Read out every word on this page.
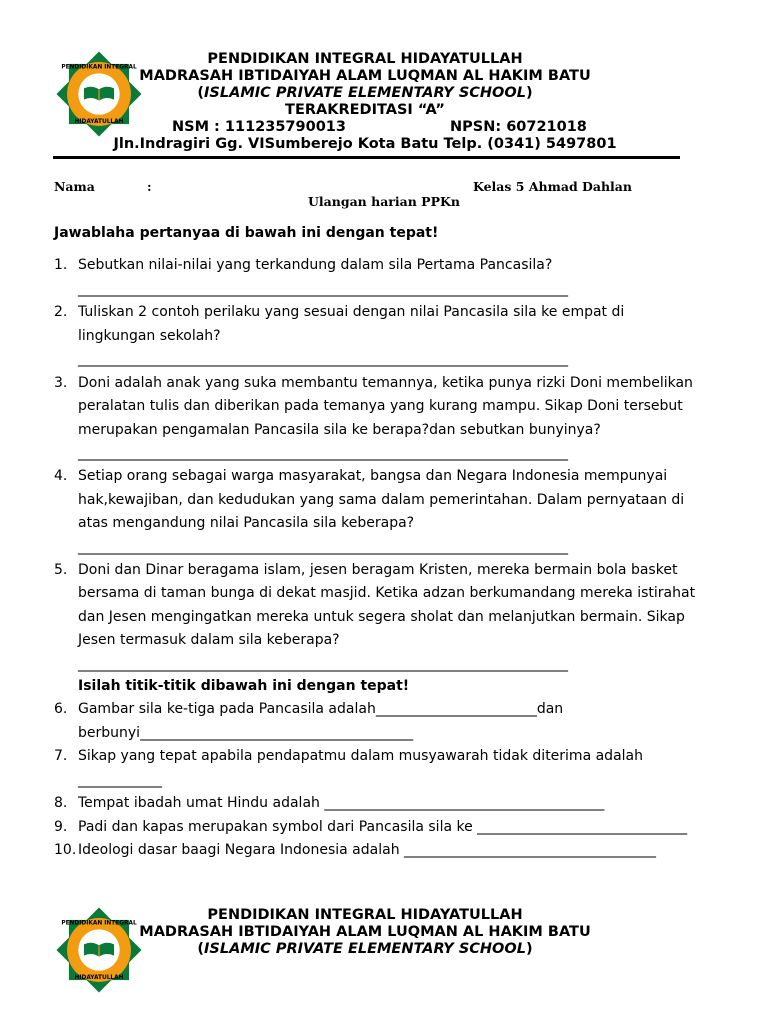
PENDIDIKAN INTEGRAL
HIDAYATULLAH
PENDIDIKAN INTEGRAL HIDAYATULLAH
MADRASAH IBTIDAIYAH ALAM LUQMAN AL HAKIM BATU
(ISLAMIC PRIVATE ELEMENTARY SCHOOL)
TERAKREDITASI “A”
NSM : 111235790013	NPSN: 60721018
Jln.Indragiri Gg. VISumberejo Kota Batu Telp. (0341) 5497801
Nama	:	Kelas 5 Ahmad Dahlan
Ulangan harian PPKn
Jawablaha pertanyaa di bawah ini dengan tepat!
1. Sebutkan nilai-nilai yang terkandung dalam sila Pertama Pancasila?
______________________________________________________________________
2. Tuliskan 2 contoh perilaku yang sesuai dengan nilai Pancasila sila ke empat di
lingkungan sekolah?
______________________________________________________________________
3. Doni adalah anak yang suka membantu temannya, ketika punya rizki Doni membelikan
peralatan tulis dan diberikan pada temanya yang kurang mampu. Sikap Doni tersebut
merupakan pengamalan Pancasila sila ke berapa?dan sebutkan bunyinya?
______________________________________________________________________
4. Setiap orang sebagai warga masyarakat, bangsa dan Negara Indonesia mempunyai
hak,kewajiban, dan kedudukan yang sama dalam pemerintahan. Dalam pernyataan di
atas mengandung nilai Pancasila sila keberapa?
______________________________________________________________________
5. Doni dan Dinar beragama islam, jesen beragam Kristen, mereka bermain bola basket
bersama di taman bunga di dekat masjid. Ketika adzan berkumandang mereka istirahat
dan Jesen mengingatkan mereka untuk segera sholat dan melanjutkan bermain. Sikap
Jesen termasuk dalam sila keberapa?
______________________________________________________________________
Isilah titik-titik dibawah ini dengan tepat!
6. Gambar sila ke-tiga pada Pancasila adalah_______________________dan
berbunyi_______________________________________
7. Sikap yang tepat apabila pendapatmu dalam musyawarah tidak diterima adalah
____________
8. Tempat ibadah umat Hindu adalah ________________________________________
9. Padi dan kapas merupakan symbol dari Pancasila sila ke ______________________________
10. Ideologi dasar baagi Negara Indonesia adalah ____________________________________
PENDIDIKAN INTEGRAL
HIDAYATULLAH
PENDIDIKAN INTEGRAL HIDAYATULLAH
MADRASAH IBTIDAIYAH ALAM LUQMAN AL HAKIM BATU
(ISLAMIC PRIVATE ELEMENTARY SCHOOL)
